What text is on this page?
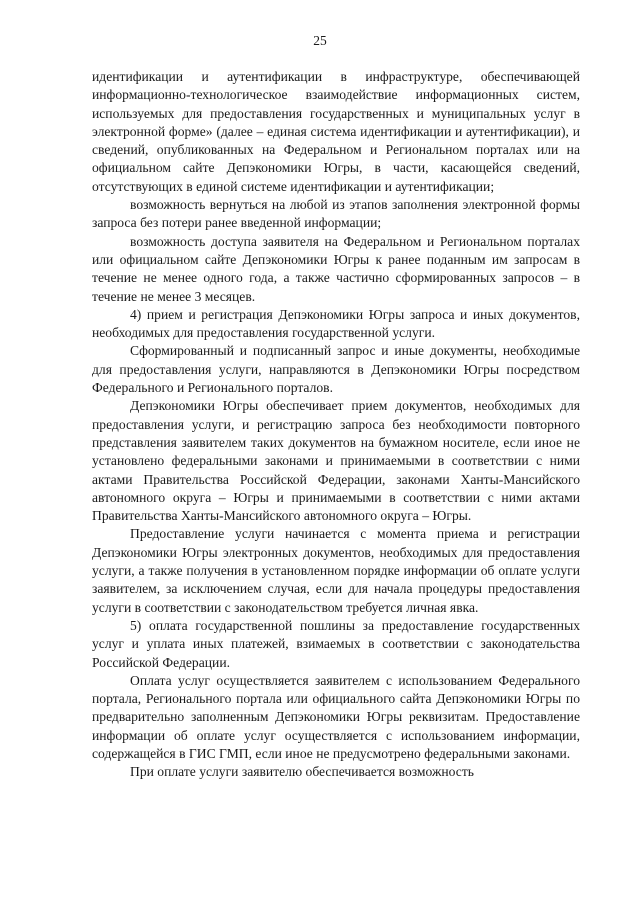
25

идентификации и аутентификации в инфраструктуре, обеспечивающей информационно-технологическое взаимодействие информационных систем, используемых для предоставления государственных и муниципальных услуг в электронной форме» (далее – единая система идентификации и аутентификации), и сведений, опубликованных на Федеральном и Региональном порталах или на официальном сайте Депэкономики Югры, в части, касающейся сведений, отсутствующих в единой системе идентификации и аутентификации;

возможность вернуться на любой из этапов заполнения электронной формы запроса без потери ранее введенной информации;

возможность доступа заявителя на Федеральном и Региональном порталах или официальном сайте Депэкономики Югры к ранее поданным им запросам в течение не менее одного года, а также частично сформированных запросов – в течение не менее 3 месяцев.

4) прием и регистрация Депэкономики Югры запроса и иных документов, необходимых для предоставления государственной услуги.

Сформированный и подписанный запрос и иные документы, необходимые для предоставления услуги, направляются в Депэкономики Югры посредством Федерального и Регионального порталов.

Депэкономики Югры обеспечивает прием документов, необходимых для предоставления услуги, и регистрацию запроса без необходимости повторного представления заявителем таких документов на бумажном носителе, если иное не установлено федеральными законами и принимаемыми в соответствии с ними актами Правительства Российской Федерации, законами Ханты-Мансийского автономного округа – Югры и принимаемыми в соответствии с ними актами Правительства Ханты-Мансийского автономного округа – Югры.

Предоставление услуги начинается с момента приема и регистрации Депэкономики Югры электронных документов, необходимых для предоставления услуги, а также получения в установленном порядке информации об оплате услуги заявителем, за исключением случая, если для начала процедуры предоставления услуги в соответствии с законодательством требуется личная явка.

5) оплата государственной пошлины за предоставление государственных услуг и уплата иных платежей, взимаемых в соответствии с законодательства Российской Федерации.

Оплата услуг осуществляется заявителем с использованием Федерального портала, Регионального портала или официального сайта Депэкономики Югры по предварительно заполненным Депэкономики Югры реквизитам. Предоставление информации об оплате услуг осуществляется с использованием информации, содержащейся в ГИС ГМП, если иное не предусмотрено федеральными законами.

При оплате услуги заявителю обеспечивается возможность
